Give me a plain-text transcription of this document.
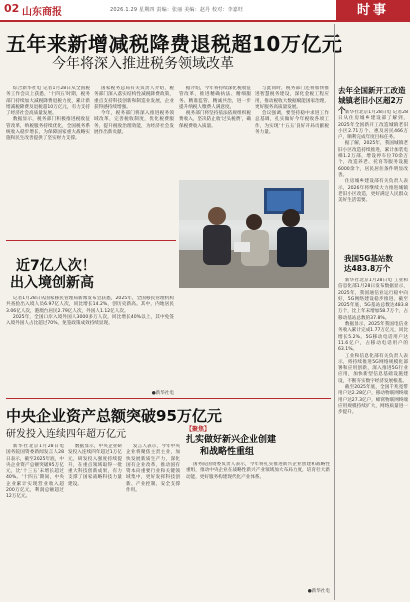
02 山东商报	2026.1.29 星期四 责编：张丽 美编：赵丹 校对：李嘉旺	时事
五年来新增减税降费退税超10万亿元
今年将深入推进税务领域改革

综合新华社电 记者1月28日从全国税务工作会议上获悉，‘十四五’时期，税务部门持续加大减税降费退税力度，累计新增减税降费及退税超10万亿元，有力支持了经济社会高质量发展。

数据显示，税务部门积极推进税收征管改革，纳税服务持续优化，全国税务系统收入稳步增长，为保障国家重大战略实施和民生改善提供了坚实财力支撑。

国家税务总局有关负责人介绍，税务部门深入落实结构性减税降费政策，重点支持科技创新和制造业发展，企业获得感持续增强。

今年，税务部门将深入推进税务领域改革，完善税收制度，优化税费服务，提升税收治理效能，为经济社会发展作出新贡献。

据介绍，今年将持续深化税收征管改革，推进精确执法、精细服务、精准监管、精诚共治，进一步提升纳税人缴费人满意度。

税务部门将坚持依法依规组织税费收入，坚决防止收‘过头税费’，确保税费收入质量。

与此同时，税务部门还将加快推进智慧税务建设，深化金税工程应用，推动税收大数据赋能国家治理，更好服务高质量发展。

会议强调，要坚持稳中求进工作总基调，扎实做好今年税收各项工作，为实现‘十五五’良好开局贡献税务力量。

近7亿人次！
出入境创新高

记者1月28日从国家移民管理局新闻发布会获悉，2025年，全国移民管理机构共查验出入境人员6.97亿人次，同比增长14.2%，创历史新高。其中，内地居民3.06亿人次，港澳台居民2.79亿人次，外国人1.12亿人次。

2025年，全国口岸入境外国人3000多万人次，同比增长40%以上，其中免签入境外国人占比超过70%，免签政策成效持续显现。

●新华社电
中央企业资产总额突破95万亿元
研发投入连续四年超万亿元

新华社北京1月28日电 国务院国资委新闻发言人28日表示，截至2025年底，中央企业资产总额突破95万亿元，比‘十三五’末增长超过40%。‘十四五’期间，中央企业累计实现营业收入超200万亿元，利润总额超过12万亿元。

数据显示，中央企业研发投入连续四年超过1万亿元，研发投入强度持续提升，在重点领域取得一批重大科技创新成果，有力支撑了国家战略科技力量建设。

发言人表示，今年中央企业将聚焦主责主业，加快发展新质生产力，深化国有企业改革，推动国有资本向重要行业和关键领域集中，更好发挥科技创新、产业控制、安全支撑作用。

【聚焦】
扎实做好新兴企业创建
和战略性重组

国务院国资委负责人表示，今年将扎实推进新兴企业创建和战略性重组，推动中央企业在战略性新兴产业领域加大布局力度，培育壮大新动能，更好服务构建现代化产业体系。

●新华社电
去年全国新开工改造
城镇老旧小区超2万个 新华社北京1月28日电 记者28日从住房城乡建设部了解到，2025年全国新开工改造城镇老旧小区2.71万个、惠及居民466万户，顺利完成年度目标任务。

据了解，2025年，我国城镇老旧小区改造持续推进，累计加装电梯1.2万部，增设停车位70余万个，改造养老、托育等服务设施6000余个，居民居住条件明显改善。

住房城乡建设部有关负责人表示，2026年将继续大力推进城镇老旧小区改造，更好满足人民群众美好生活需要。

我国5G基站数
达483.8万个

新华社北京1月28日电 工业和信息化部1月28日发布数据显示，2025年，我国通信业运行稳中向好，5G网络建设稳步推进，截至2025年底，5G基站总数达483.8万个，比上年末增加58.7万个，占移动基站总数的37.8%。

数据显示，2025年我国电信业务收入累计完成1.77万亿元，同比增长5.2%。5G移动电话用户达11.6亿户，占移动电话用户的63.1%。

工业和信息化部有关负责人表示，将持续推进5G网络规模化部署和应用创新，深入推进5G行业应用，加快新型信息基础设施建设，不断夯实数字经济发展根基。

截至2025年底，全国千兆宽带用户达2.28亿户，移动物联网终端用户达27.3亿户，蜂窝物联网终端应用规模持续扩大，网络质量进一步提升。
